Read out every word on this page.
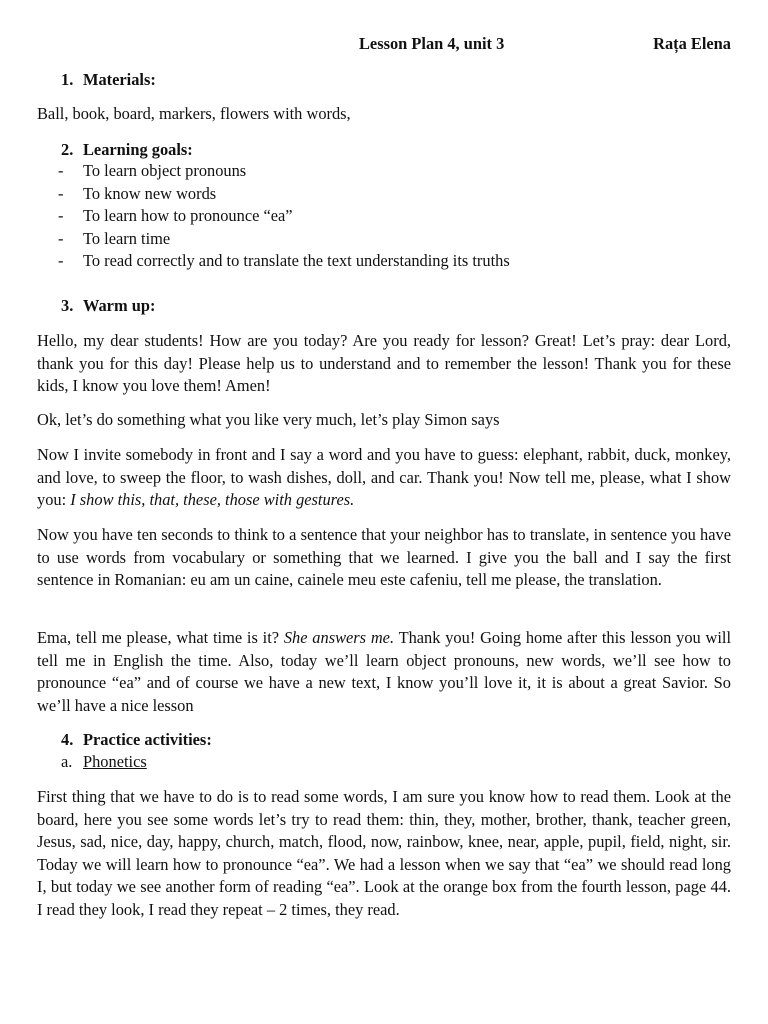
Lesson Plan 4, unit 3	Rața Elena
1. Materials:
Ball, book, board, markers, flowers with words,
2. Learning goals:
- To learn object pronouns
- To know new words
- To learn how to pronounce “ea”
- To learn time
- To read correctly and to translate the text understanding its truths
3. Warm up:
Hello, my dear students! How are you today? Are you ready for lesson? Great! Let’s pray: dear Lord, thank you for this day! Please help us to understand and to remember the lesson! Thank you for these kids, I know you love them! Amen!
Ok, let’s do something what you like very much, let’s play Simon says
Now I invite somebody in front and I say a word and you have to guess: elephant, rabbit, duck, monkey, and love, to sweep the floor, to wash dishes, doll, and car. Thank you! Now tell me, please, what I show you: I show this, that, these, those with gestures.
Now you have ten seconds to think to a sentence that your neighbor has to translate, in sentence you have to use words from vocabulary or something that we learned. I give you the ball and I say the first sentence in Romanian: eu am un caine, cainele meu este cafeniu, tell me please, the translation.
Ema, tell me please, what time is it? She answers me. Thank you! Going home after this lesson you will tell me in English the time. Also, today we’ll learn object pronouns, new words, we’ll see how to pronounce “ea” and of course we have a new text, I know you’ll love it, it is about a great Savior. So we’ll have a nice lesson
4. Practice activities:
a. Phonetics
First thing that we have to do is to read some words, I am sure you know how to read them. Look at the board, here you see some words let’s try to read them: thin, they, mother, brother, thank, teacher green, Jesus, sad, nice, day, happy, church, match, flood, now, rainbow, knee, near, apple, pupil, field, night, sir. Today we will learn how to pronounce “ea”. We had a lesson when we say that “ea” we should read long I, but today we see another form of reading “ea”. Look at the orange box from the fourth lesson, page 44. I read they look, I read they repeat – 2 times, they read.
